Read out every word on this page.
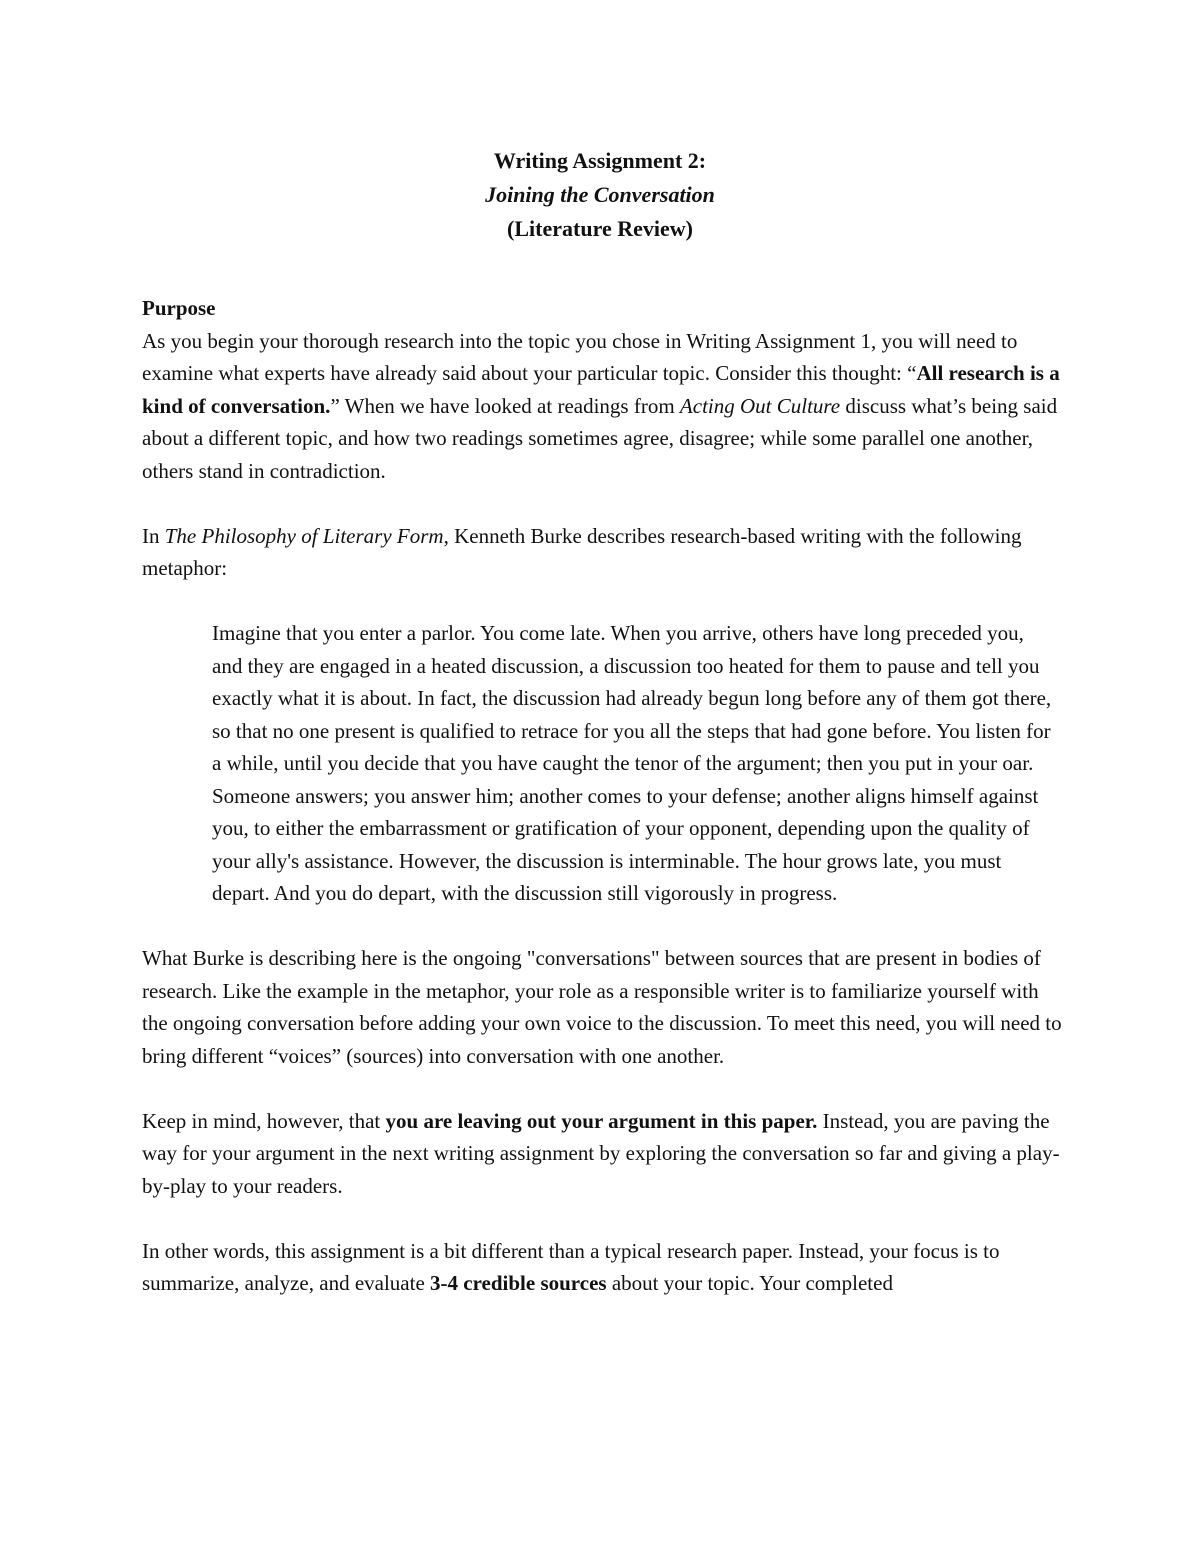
Writing Assignment 2:
Joining the Conversation
(Literature Review)

Purpose

As you begin your thorough research into the topic you chose in Writing Assignment 1, you will need to examine what experts have already said about your particular topic. Consider this thought: “All research is a kind of conversation.” When we have looked at readings from Acting Out Culture discuss what’s being said about a different topic, and how two readings sometimes agree, disagree; while some parallel one another, others stand in contradiction.

In The Philosophy of Literary Form, Kenneth Burke describes research-based writing with the following metaphor:

Imagine that you enter a parlor. You come late. When you arrive, others have long preceded you, and they are engaged in a heated discussion, a discussion too heated for them to pause and tell you exactly what it is about. In fact, the discussion had already begun long before any of them got there, so that no one present is qualified to retrace for you all the steps that had gone before. You listen for a while, until you decide that you have caught the tenor of the argument; then you put in your oar. Someone answers; you answer him; another comes to your defense; another aligns himself against you, to either the embarrassment or gratification of your opponent, depending upon the quality of your ally's assistance. However, the discussion is interminable. The hour grows late, you must depart. And you do depart, with the discussion still vigorously in progress.

What Burke is describing here is the ongoing "conversations" between sources that are present in bodies of research. Like the example in the metaphor, your role as a responsible writer is to familiarize yourself with the ongoing conversation before adding your own voice to the discussion. To meet this need, you will need to bring different “voices” (sources) into conversation with one another.

Keep in mind, however, that you are leaving out your argument in this paper. Instead, you are paving the way for your argument in the next writing assignment by exploring the conversation so far and giving a play-by-play to your readers.

In other words, this assignment is a bit different than a typical research paper. Instead, your focus is to summarize, analyze, and evaluate 3-4 credible sources about your topic. Your completed
